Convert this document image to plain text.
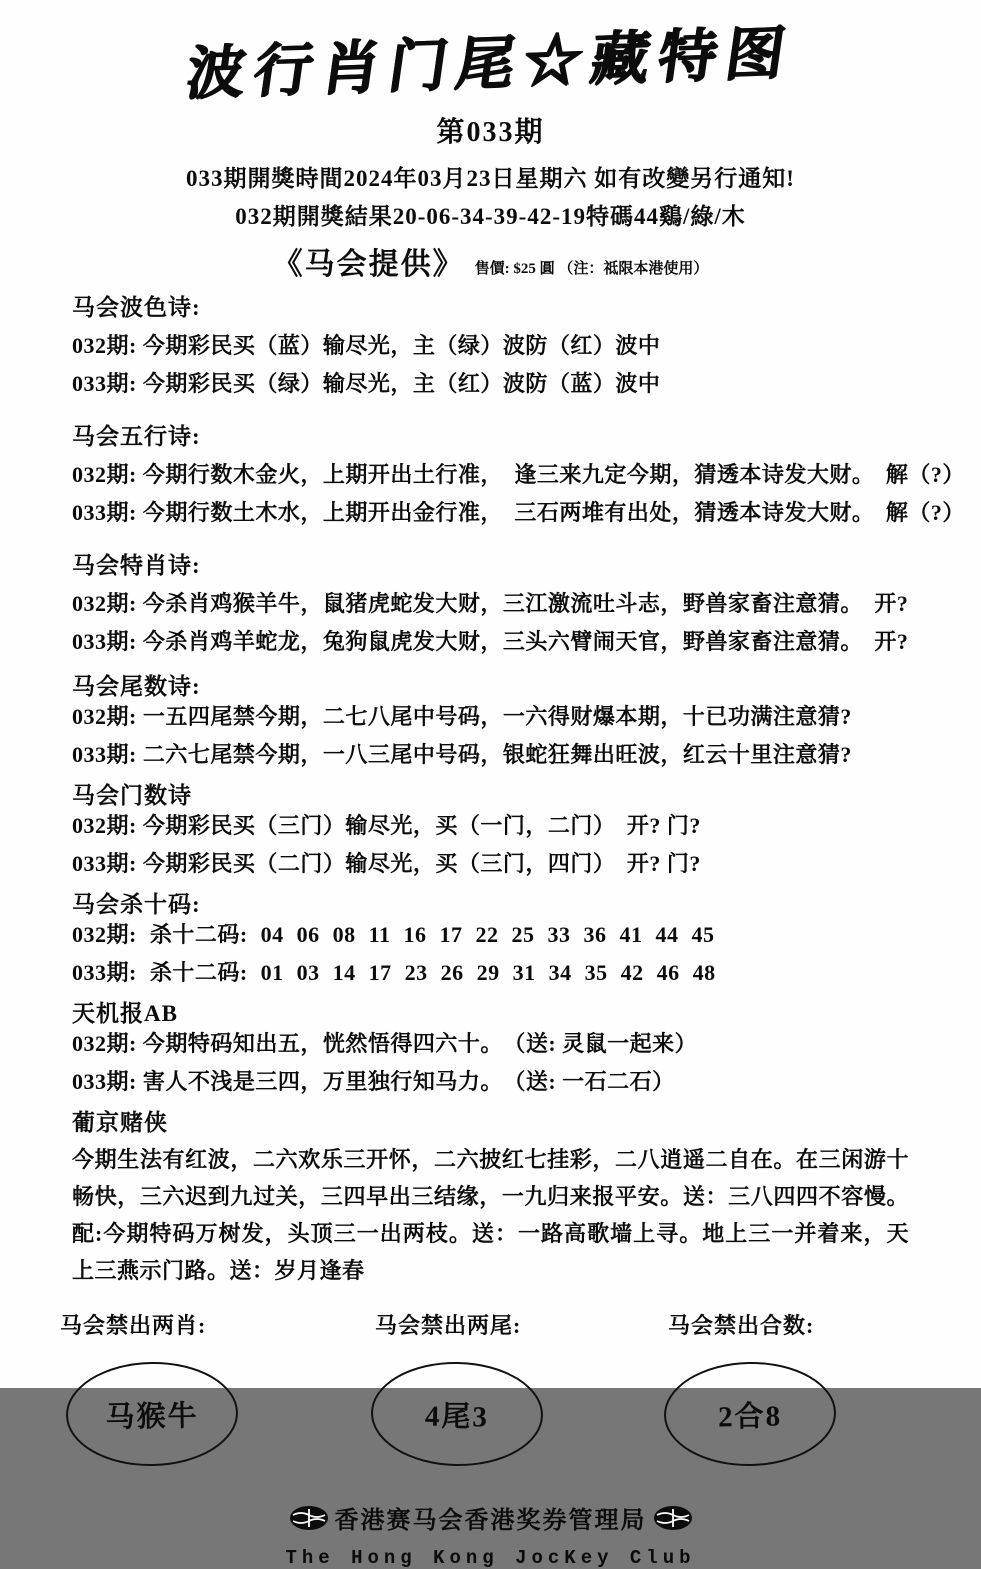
波行肖门尾☆藏特图
第033期
033期開獎時間2024年03月23日星期六 如有改變另行通知!
032期開獎結果20-06-34-39-42-19特碼44鷄/綠/木
《马会提供》 售價: $25 圓 （注：祗限本港使用）
马会波色诗:
032期: 今期彩民买（蓝）输尽光，主（绿）波防（红）波中
033期: 今期彩民买（绿）输尽光，主（红）波防（蓝）波中
马会五行诗:
032期: 今期行数木金火，上期开出土行准，　逢三来九定今期，猜透本诗发大财。　解（?）
033期: 今期行数土木水，上期开出金行准，　三石两堆有出处，猜透本诗发大财。　解（?）
马会特肖诗:
032期: 今杀肖鸡猴羊牛，鼠猪虎蛇发大财，三江激流吐斗志，野兽家畜注意猜。　开?
033期: 今杀肖鸡羊蛇龙，兔狗鼠虎发大财，三头六臂闹天官，野兽家畜注意猜。　开?
马会尾数诗:
032期: 一五四尾禁今期，二七八尾中号码，一六得财爆本期，十已功满注意猜?
033期: 二六七尾禁今期，一八三尾中号码，银蛇狂舞出旺波，红云十里注意猜?
马会门数诗
032期: 今期彩民买（三门）输尽光，买（一门，二门）　开? 门?
033期: 今期彩民买（二门）输尽光，买（三门，四门）　开? 门?
马会杀十码:
032期: 杀十二码: 04 06 08 11 16 17 22 25 33 36 41 44 45
033期: 杀十二码: 01 03 14 17 23 26 29 31 34 35 42 46 48
天机报AB
032期: 今期特码知出五，恍然悟得四六十。　（送: 灵鼠一起来）
033期: 害人不浅是三四，万里独行知马力。　（送: 一石二石）
葡京赌侠
今期生法有红波，二六欢乐三开怀，二六披红七挂彩，二八逍遥二自在。在三闲游十畅快，三六迟到九过关，三四早出三结缘，一九归来报平安。送：三八四四不容慢。配:今期特码万树发，头顶三一出两枝。送：一路高歌墙上寻。地上三一并着来，天上三燕示门路。送：岁月逢春
马会禁出两肖:
马猴牛
马会禁出两尾:
4尾3
马会禁出合数:
2合8
香港赛马会香港奖券管理局
The Hong Kong JocKey Club
